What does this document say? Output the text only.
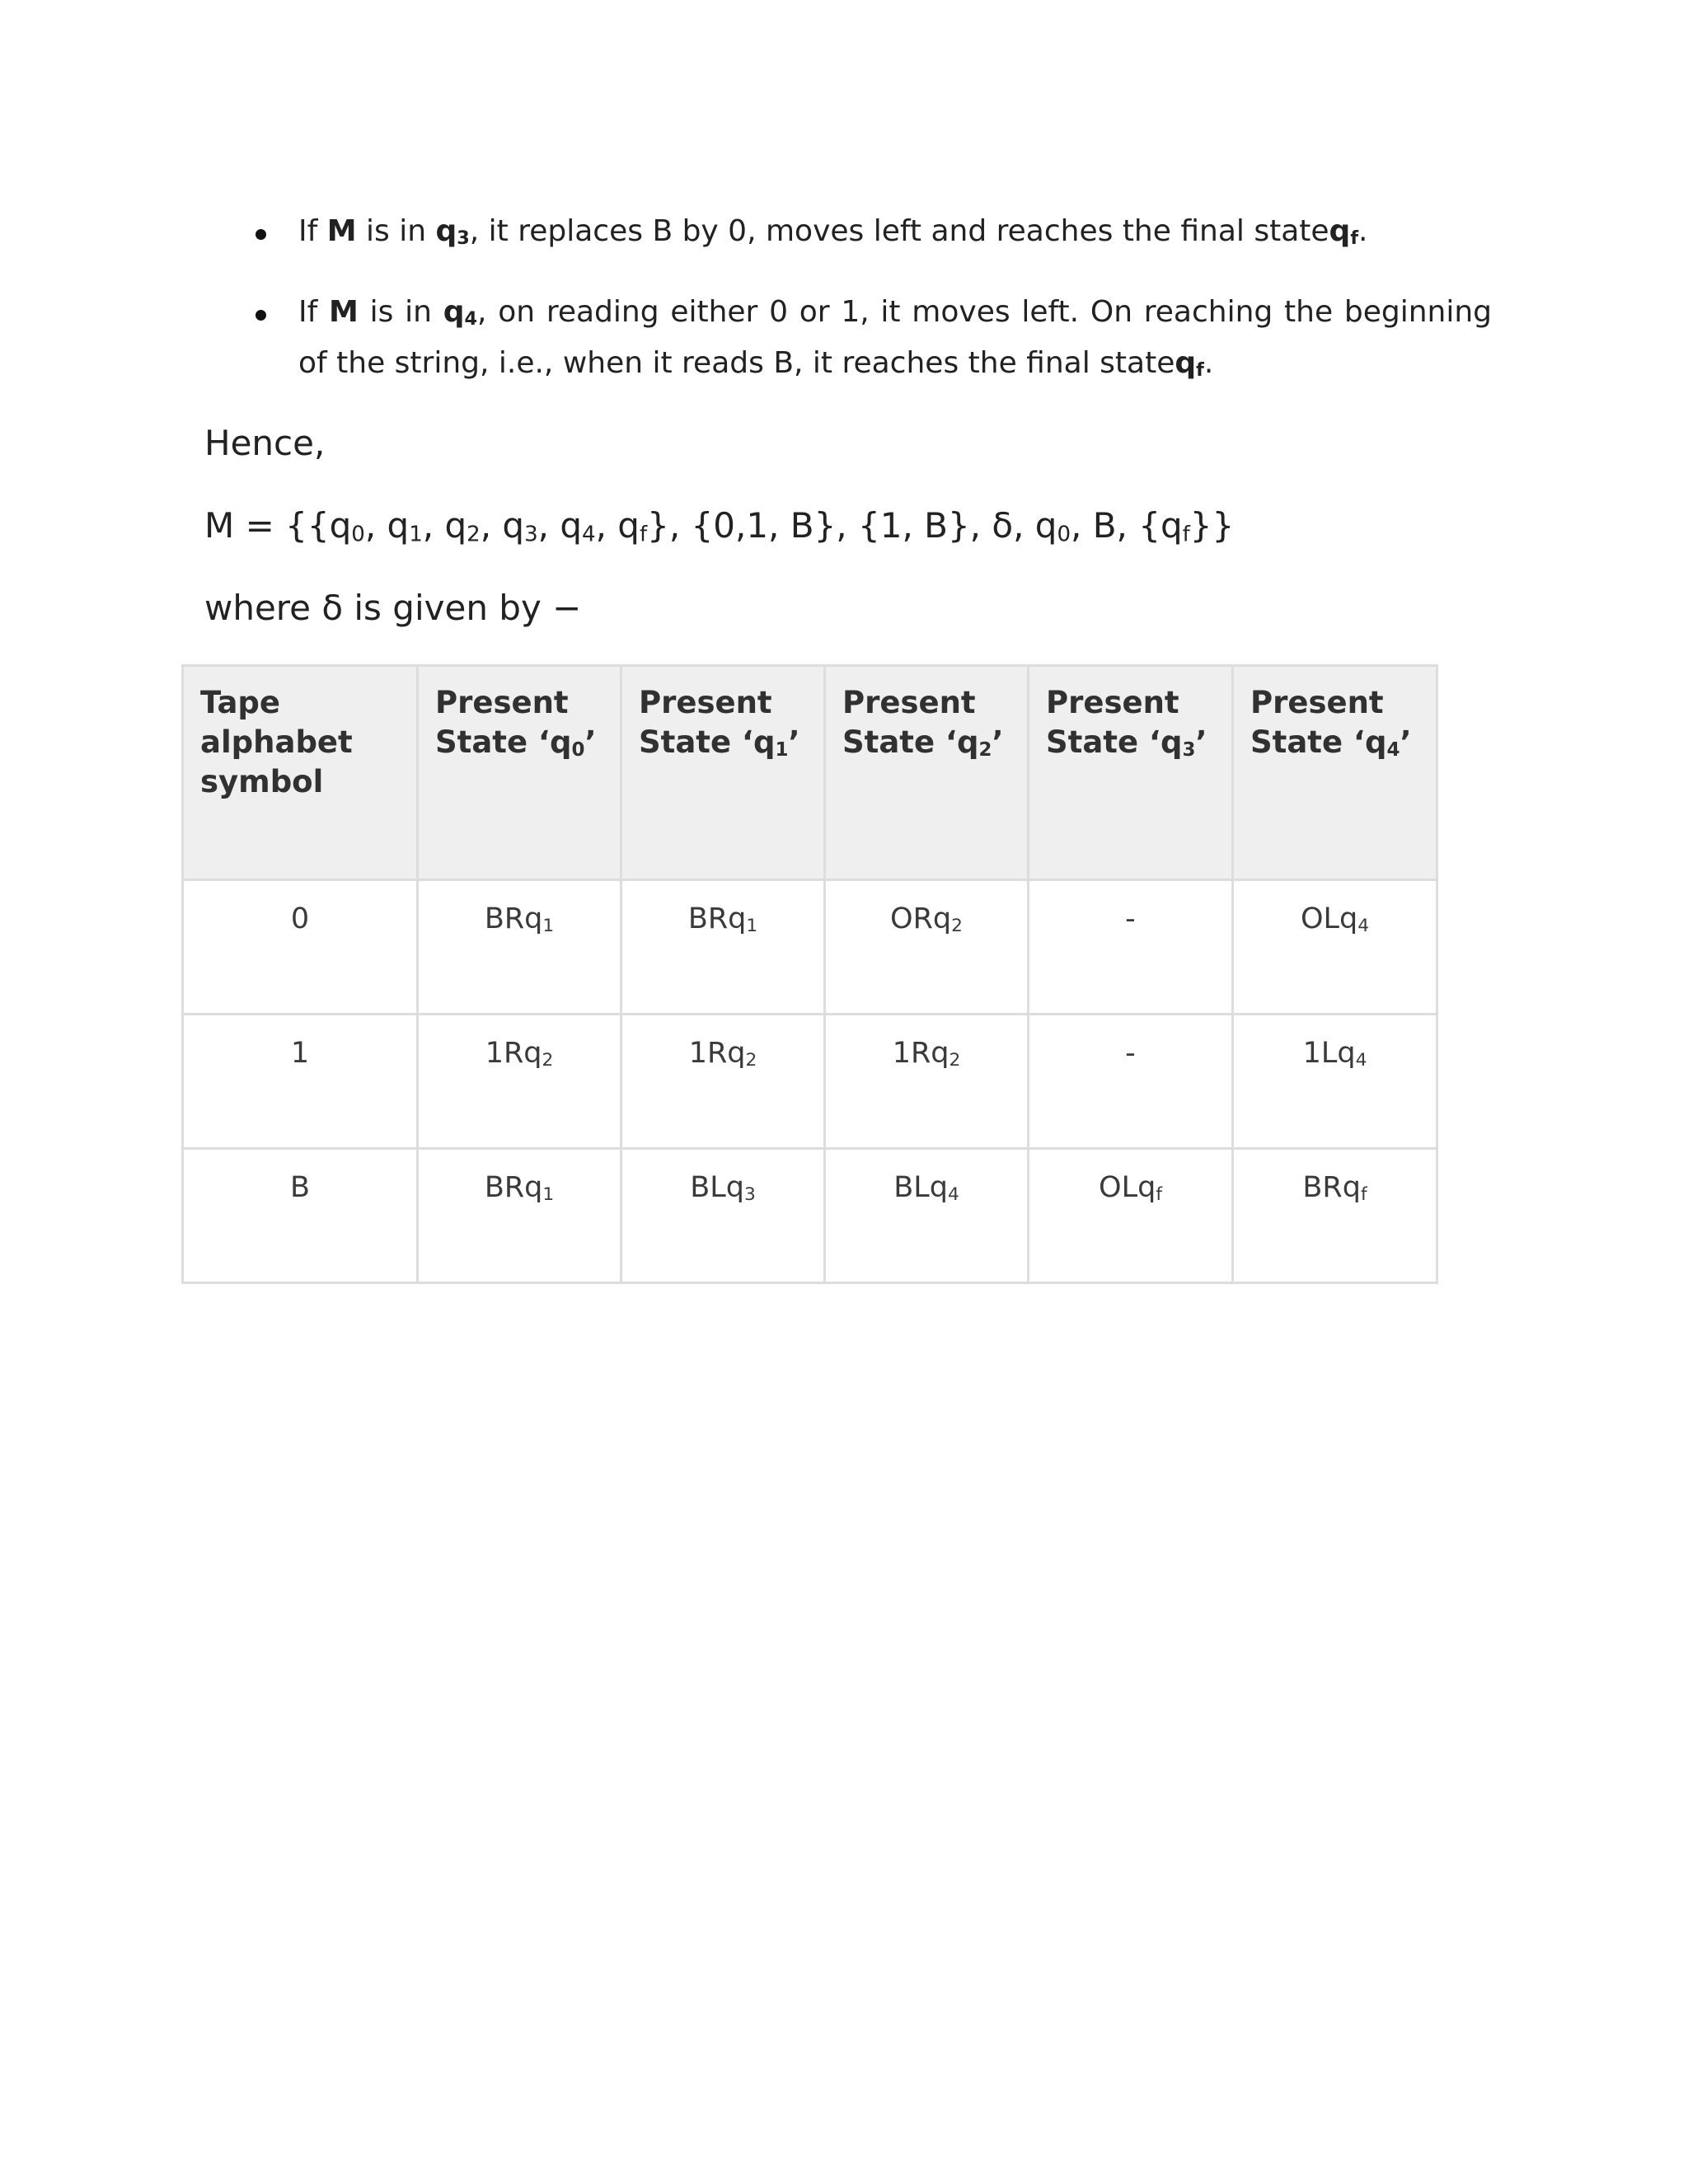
If M is in $q_3$, it replaces B by 0, moves left and reaches the final stateq$_f$.
If M is in $q_4$, on reading either 0 or 1, it moves left. On reaching the beginning of the string, i.e., when it reads B, it reaches the final stateq$_f$.
Hence,
$M = \{\{q_0$, $q_1$, $q_2$, $q_3$, $q_4$, $q_f$}, {0,1, B}, {1, B}, δ, $q_0$, B, $\{q_f\}$}
where δ is given by −
Tape alphabet symbol	Present State ‘$q_0$’	Present State ‘$q_1$’	Present State ‘$q_2$’	Present State ‘$q_3$’	Present State ‘$q_4$’
0	BRq$_1$	BRq$_1$	ORq$_2$	-	OLq$_4$
1	$1Rq_2$	$1Rq_2$	$1Rq_2$	-	$1Lq_4$
B	BRq$_1$	BLq$_3$	BLq$_4$	OLq$_f$	BRq$_f$
